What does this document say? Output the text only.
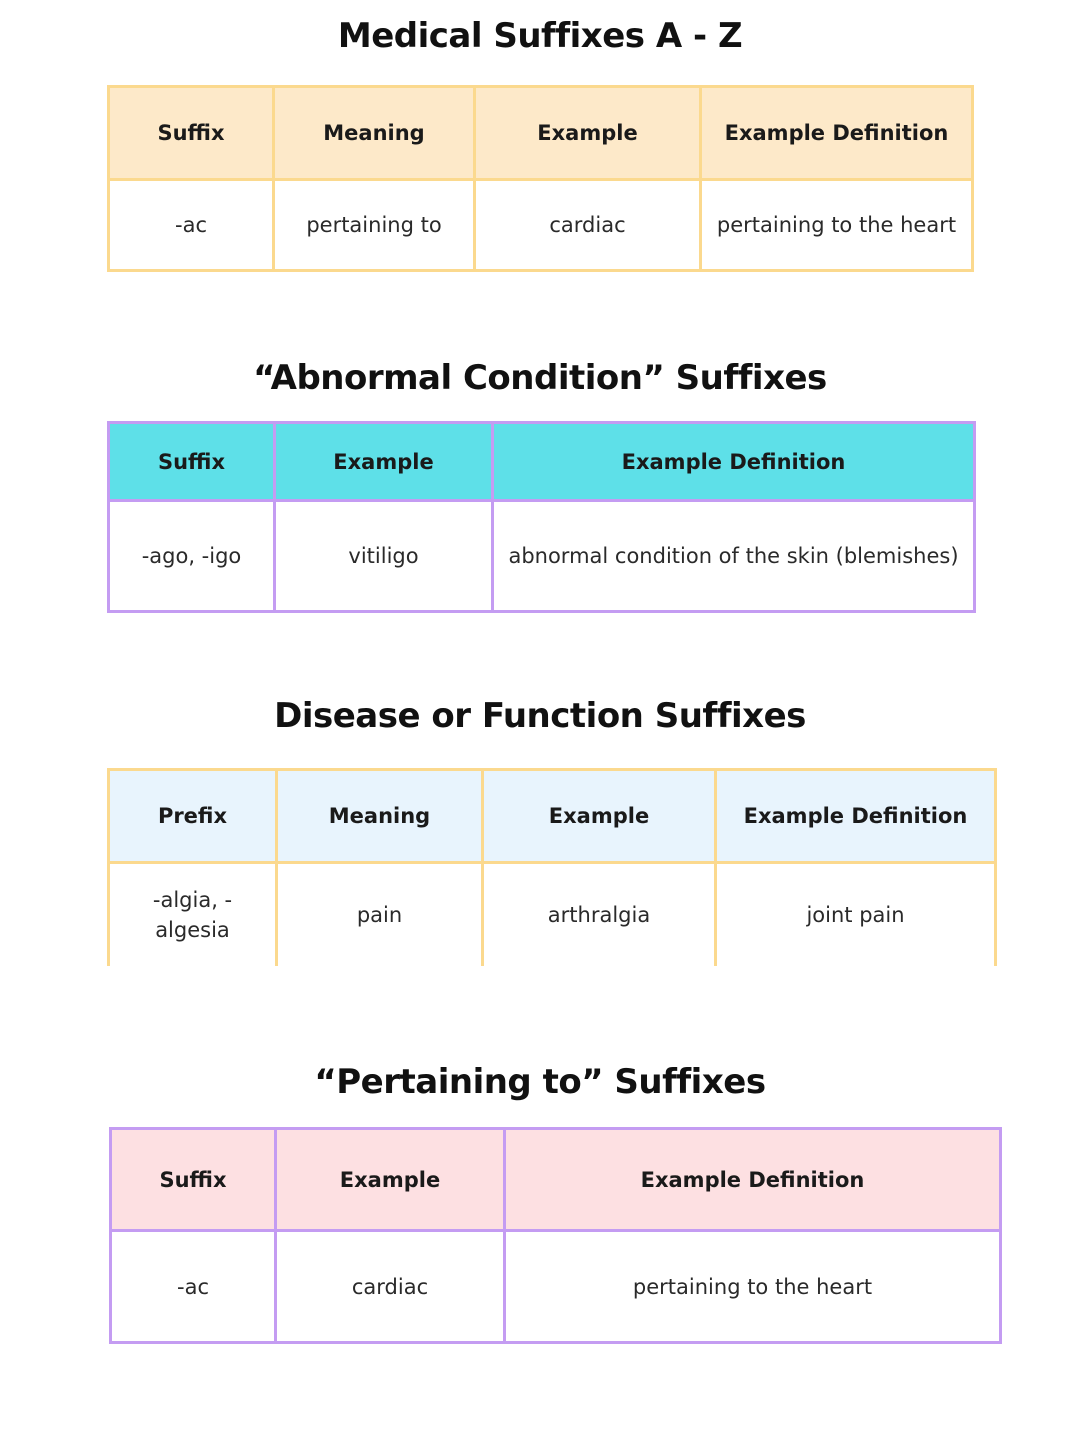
Medical Suffixes A - Z
Suffix	Meaning	Example	Example Definition
-ac	pertaining to	cardiac	pertaining to the heart
“Abnormal Condition” Suffixes
Suffix	Example	Example Definition
-ago, -igo	vitiligo	abnormal condition of the skin (blemishes)
Disease or Function Suffixes
Prefix	Meaning	Example	Example Definition
-algia, -algesia	pain	arthralgia	joint pain
“Pertaining to” Suffixes
Suffix	Example	Example Definition
-ac	cardiac	pertaining to the heart
